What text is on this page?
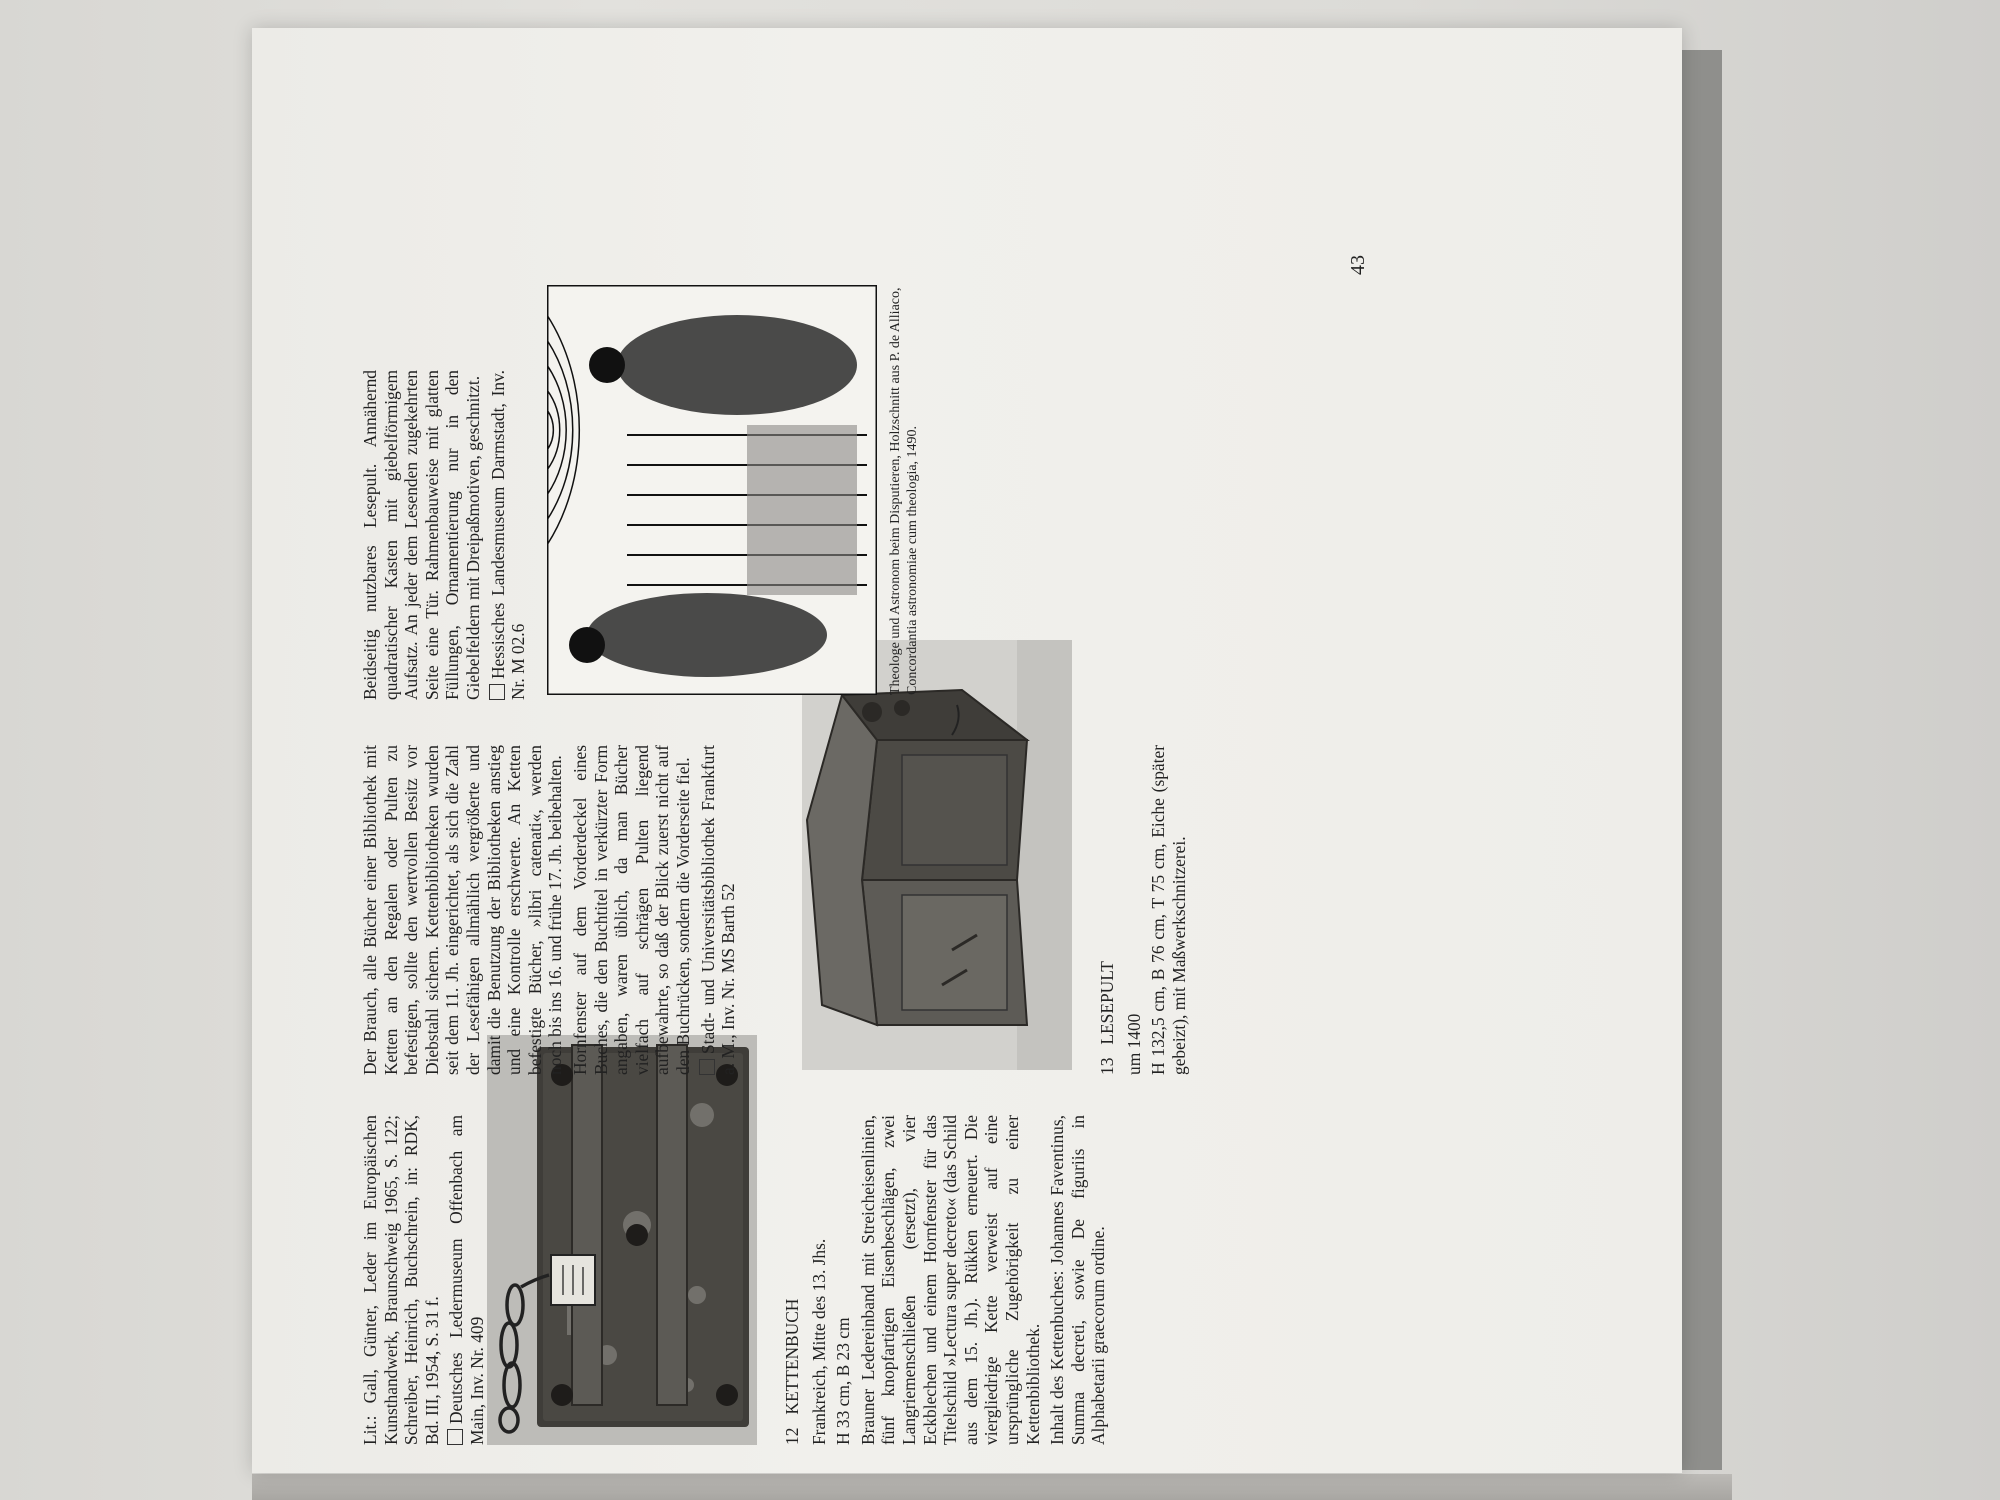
Lit.: Gall, Günter, Leder im Europäischen Kunsthandwerk, Braunschweig 1965, S. 122; Schreiber, Heinrich, Buchschrein, in: RDK, Bd. III, 1954, S. 31 f. Deutsches Ledermuseum Offenbach am Main, Inv. Nr. 409	12   KETTENBUCH Frankreich, Mitte des 13. Jhs. H 33 cm, B 23 cm Brauner Ledereinband mit Streicheisenlinien, fünf knopfartigen Eisenbeschlägen, zwei Langriemenschließen (ersetzt), vier Eckblechen und einem Hornfenster für das Titelschild »Lectura super decreto« (das Schild aus dem 15. Jh.). Rükken erneuert. Die viergliedrige Kette verweist auf eine ursprüngliche Zugehörigkeit zu einer Kettenbibliothek. Inhalt des Kettenbuches: Johannes Faventinus, Summa decreti, sowie De figuriis in Alphabetarii graecorum ordine.

Der Brauch, alle Bücher einer Bibliothek mit Ketten an den Regalen oder Pulten zu befestigen, sollte den wertvollen Besitz vor Diebstahl sichern. Kettenbibliotheken wurden seit dem 11. Jh. eingerichtet, als sich die Zahl der Lesefähigen allmählich vergrößerte und damit die Benutzung der Bibliotheken anstieg und eine Kontrolle erschwerte. An Ketten befestigte Bücher, »libri catenati«, werden noch bis ins 16. und frühe 17. Jh. beibehalten. Hornfenster auf dem Vorderdeckel eines Buches, die den Buchtitel in verkürzter Form angaben, waren üblich, da man Bücher vielfach auf schrägen Pulten liegend aufbewahrte, so daß der Blick zuerst nicht auf den Buchrücken, sondern die Vorderseite fiel. Stadt- und Universitätsbibliothek Frankfurt a. M., Inv. Nr. MS Barth 52	13   LESEPULT um 1400 H 132,5 cm, B 76 cm, T 75 cm, Eiche (später gebeizt), mit Maßwerkschnitzerei.

Beidseitig nutzbares Lesepult. Annähernd quadratischer Kasten mit giebelförmigem Aufsatz. An jeder dem Lesenden zugekehrten Seite eine Tür. Rahmenbauweise mit glatten Füllungen, Ornamentierung nur in den Giebelfeldern mit Dreipaßmotiven, geschnitzt. Hessisches Landesmuseum Darmstadt, Inv. Nr. M 02.6	Theologe und Astronom beim Disputieren, Holzschnitt aus P. de Alliaco, Concordantia astronomiae cum theologia, 1490.
43
